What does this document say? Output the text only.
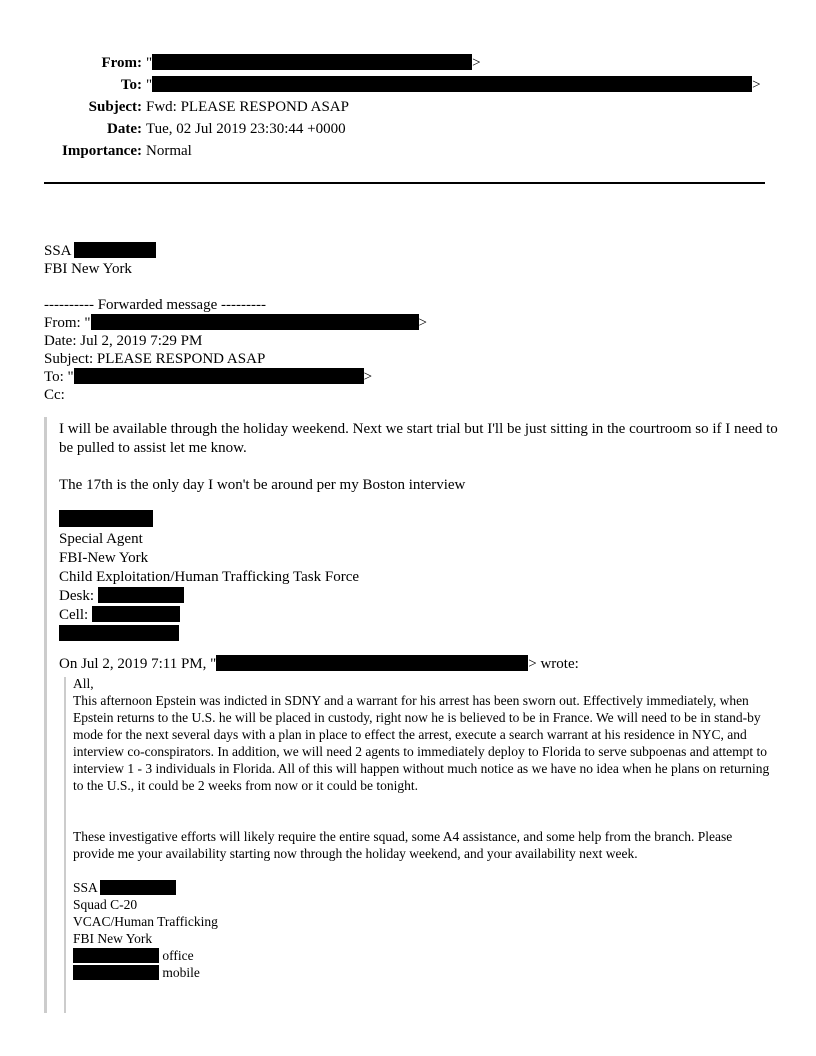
From: "	>
To: "	>
Subject: Fwd: PLEASE RESPOND ASAP
Date: Tue, 02 Jul 2019 23:30:44 +0000
Importance: Normal
SSA
FBI New York
---------- Forwarded message ---------
From: "	>
Date: Jul 2, 2019 7:29 PM
Subject: PLEASE RESPOND ASAP
To: "	>
Cc:
I will be available through the holiday weekend. Next we start trial but I'll be just sitting in the courtroom so if I need to be pulled to assist let me know.
The 17th is the only day I won't be around per my Boston interview
Special Agent
FBI-New York
Child Exploitation/Human Trafficking Task Force
Desk:
Cell:
On Jul 2, 2019 7:11 PM, "	> wrote:
All,
This afternoon Epstein was indicted in SDNY and a warrant for his arrest has been sworn out. Effectively immediately, when Epstein returns to the U.S. he will be placed in custody, right now he is believed to be in France. We will need to be in stand-by mode for the next several days with a plan in place to effect the arrest, execute a search warrant at his residence in NYC, and interview co-conspirators. In addition, we will need 2 agents to immediately deploy to Florida to serve subpoenas and attempt to interview 1 - 3 individuals in Florida. All of this will happen without much notice as we have no idea when he plans on returning to the U.S., it could be 2 weeks from now or it could be tonight.
These investigative efforts will likely require the entire squad, some A4 assistance, and some help from the branch. Please provide me your availability starting now through the holiday weekend, and your availability next week.
SSA
Squad C-20
VCAC/Human Trafficking
FBI New York
office
mobile
